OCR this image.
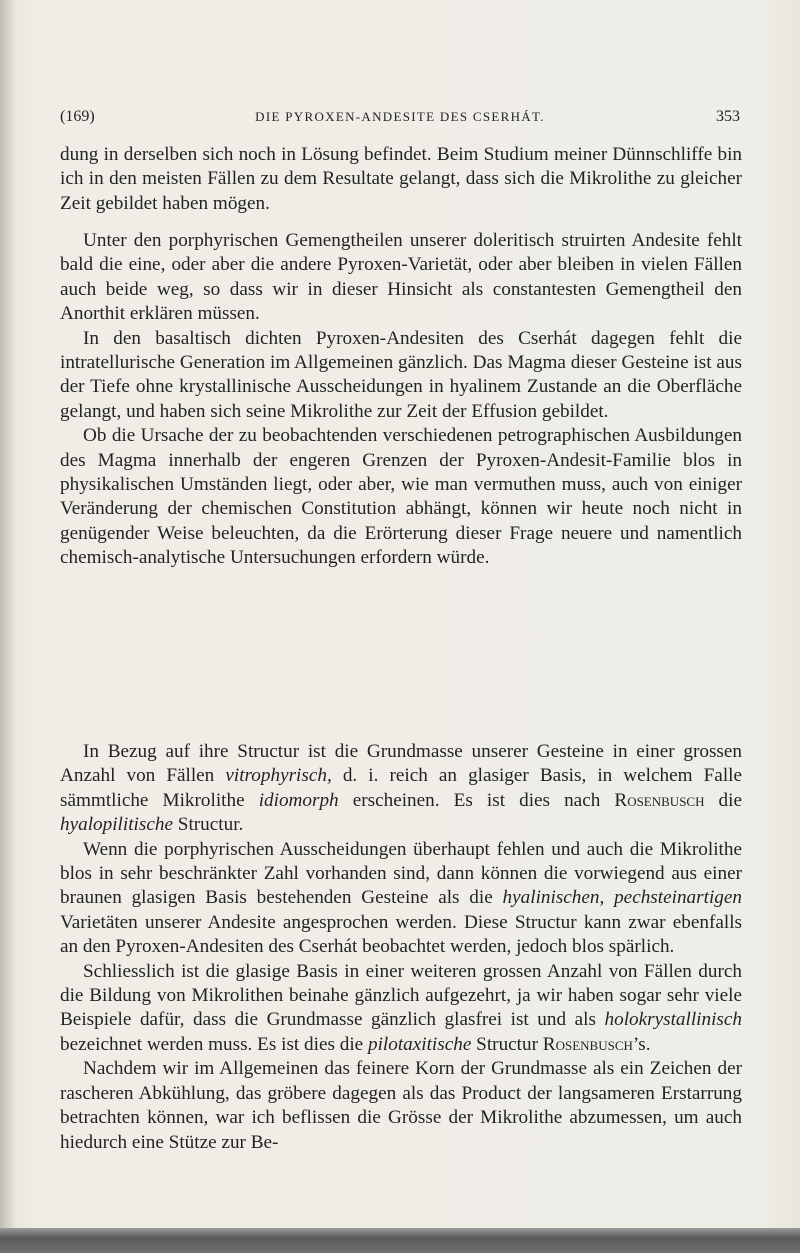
(169)	DIE PYROXEN-ANDESITE DES CSERHÁT.	353

dung in derselben sich noch in Lösung befindet. Beim Studium meiner Dünnschliffe bin ich in den meisten Fällen zu dem Resultate gelangt, dass sich die Mikrolithe zu gleicher Zeit gebildet haben mögen.

Unter den porphyrischen Gemengtheilen unserer doleritisch struirten Andesite fehlt bald die eine, oder aber die andere Pyroxen-Varietät, oder aber bleiben in vielen Fällen auch beide weg, so dass wir in dieser Hinsicht als constantesten Gemengtheil den Anorthit erklären müssen.

In den basaltisch dichten Pyroxen-Andesiten des Cserhát dagegen fehlt die intratellurische Generation im Allgemeinen gänzlich. Das Magma dieser Gesteine ist aus der Tiefe ohne krystallinische Ausscheidungen in hyalinem Zustande an die Oberfläche gelangt, und haben sich seine Mikrolithe zur Zeit der Effusion gebildet.

Ob die Ursache der zu beobachtenden verschiedenen petrographischen Ausbildungen des Magma innerhalb der engeren Grenzen der Pyroxen-Andesit-Familie blos in physikalischen Umständen liegt, oder aber, wie man vermuthen muss, auch von einiger Veränderung der chemischen Constitution abhängt, können wir heute noch nicht in genügender Weise beleuchten, da die Erörterung dieser Frage neuere und namentlich chemisch-analytische Untersuchungen erfordern würde.

In Bezug auf ihre Structur ist die Grundmasse unserer Gesteine in einer grossen Anzahl von Fällen vitrophyrisch, d. i. reich an glasiger Basis, in welchem Falle sämmtliche Mikrolithe idiomorph erscheinen. Es ist dies nach Rosenbusch die hyalopilitische Structur.

Wenn die porphyrischen Ausscheidungen überhaupt fehlen und auch die Mikrolithe blos in sehr beschränkter Zahl vorhanden sind, dann können die vorwiegend aus einer braunen glasigen Basis bestehenden Gesteine als die hyalinischen, pechsteinartigen Varietäten unserer Andesite angesprochen werden. Diese Structur kann zwar ebenfalls an den Pyroxen-Andesiten des Cserhát beobachtet werden, jedoch blos spärlich.

Schliesslich ist die glasige Basis in einer weiteren grossen Anzahl von Fällen durch die Bildung von Mikrolithen beinahe gänzlich aufgezehrt, ja wir haben sogar sehr viele Beispiele dafür, dass die Grundmasse gänzlich glasfrei ist und als holokrystallinisch bezeichnet werden muss. Es ist dies die pilotaxitische Structur Rosenbusch’s.

Nachdem wir im Allgemeinen das feinere Korn der Grundmasse als ein Zeichen der rascheren Abkühlung, das gröbere dagegen als das Product der langsameren Erstarrung betrachten können, war ich beflissen die Grösse der Mikrolithe abzumessen, um auch hiedurch eine Stütze zur Be-
